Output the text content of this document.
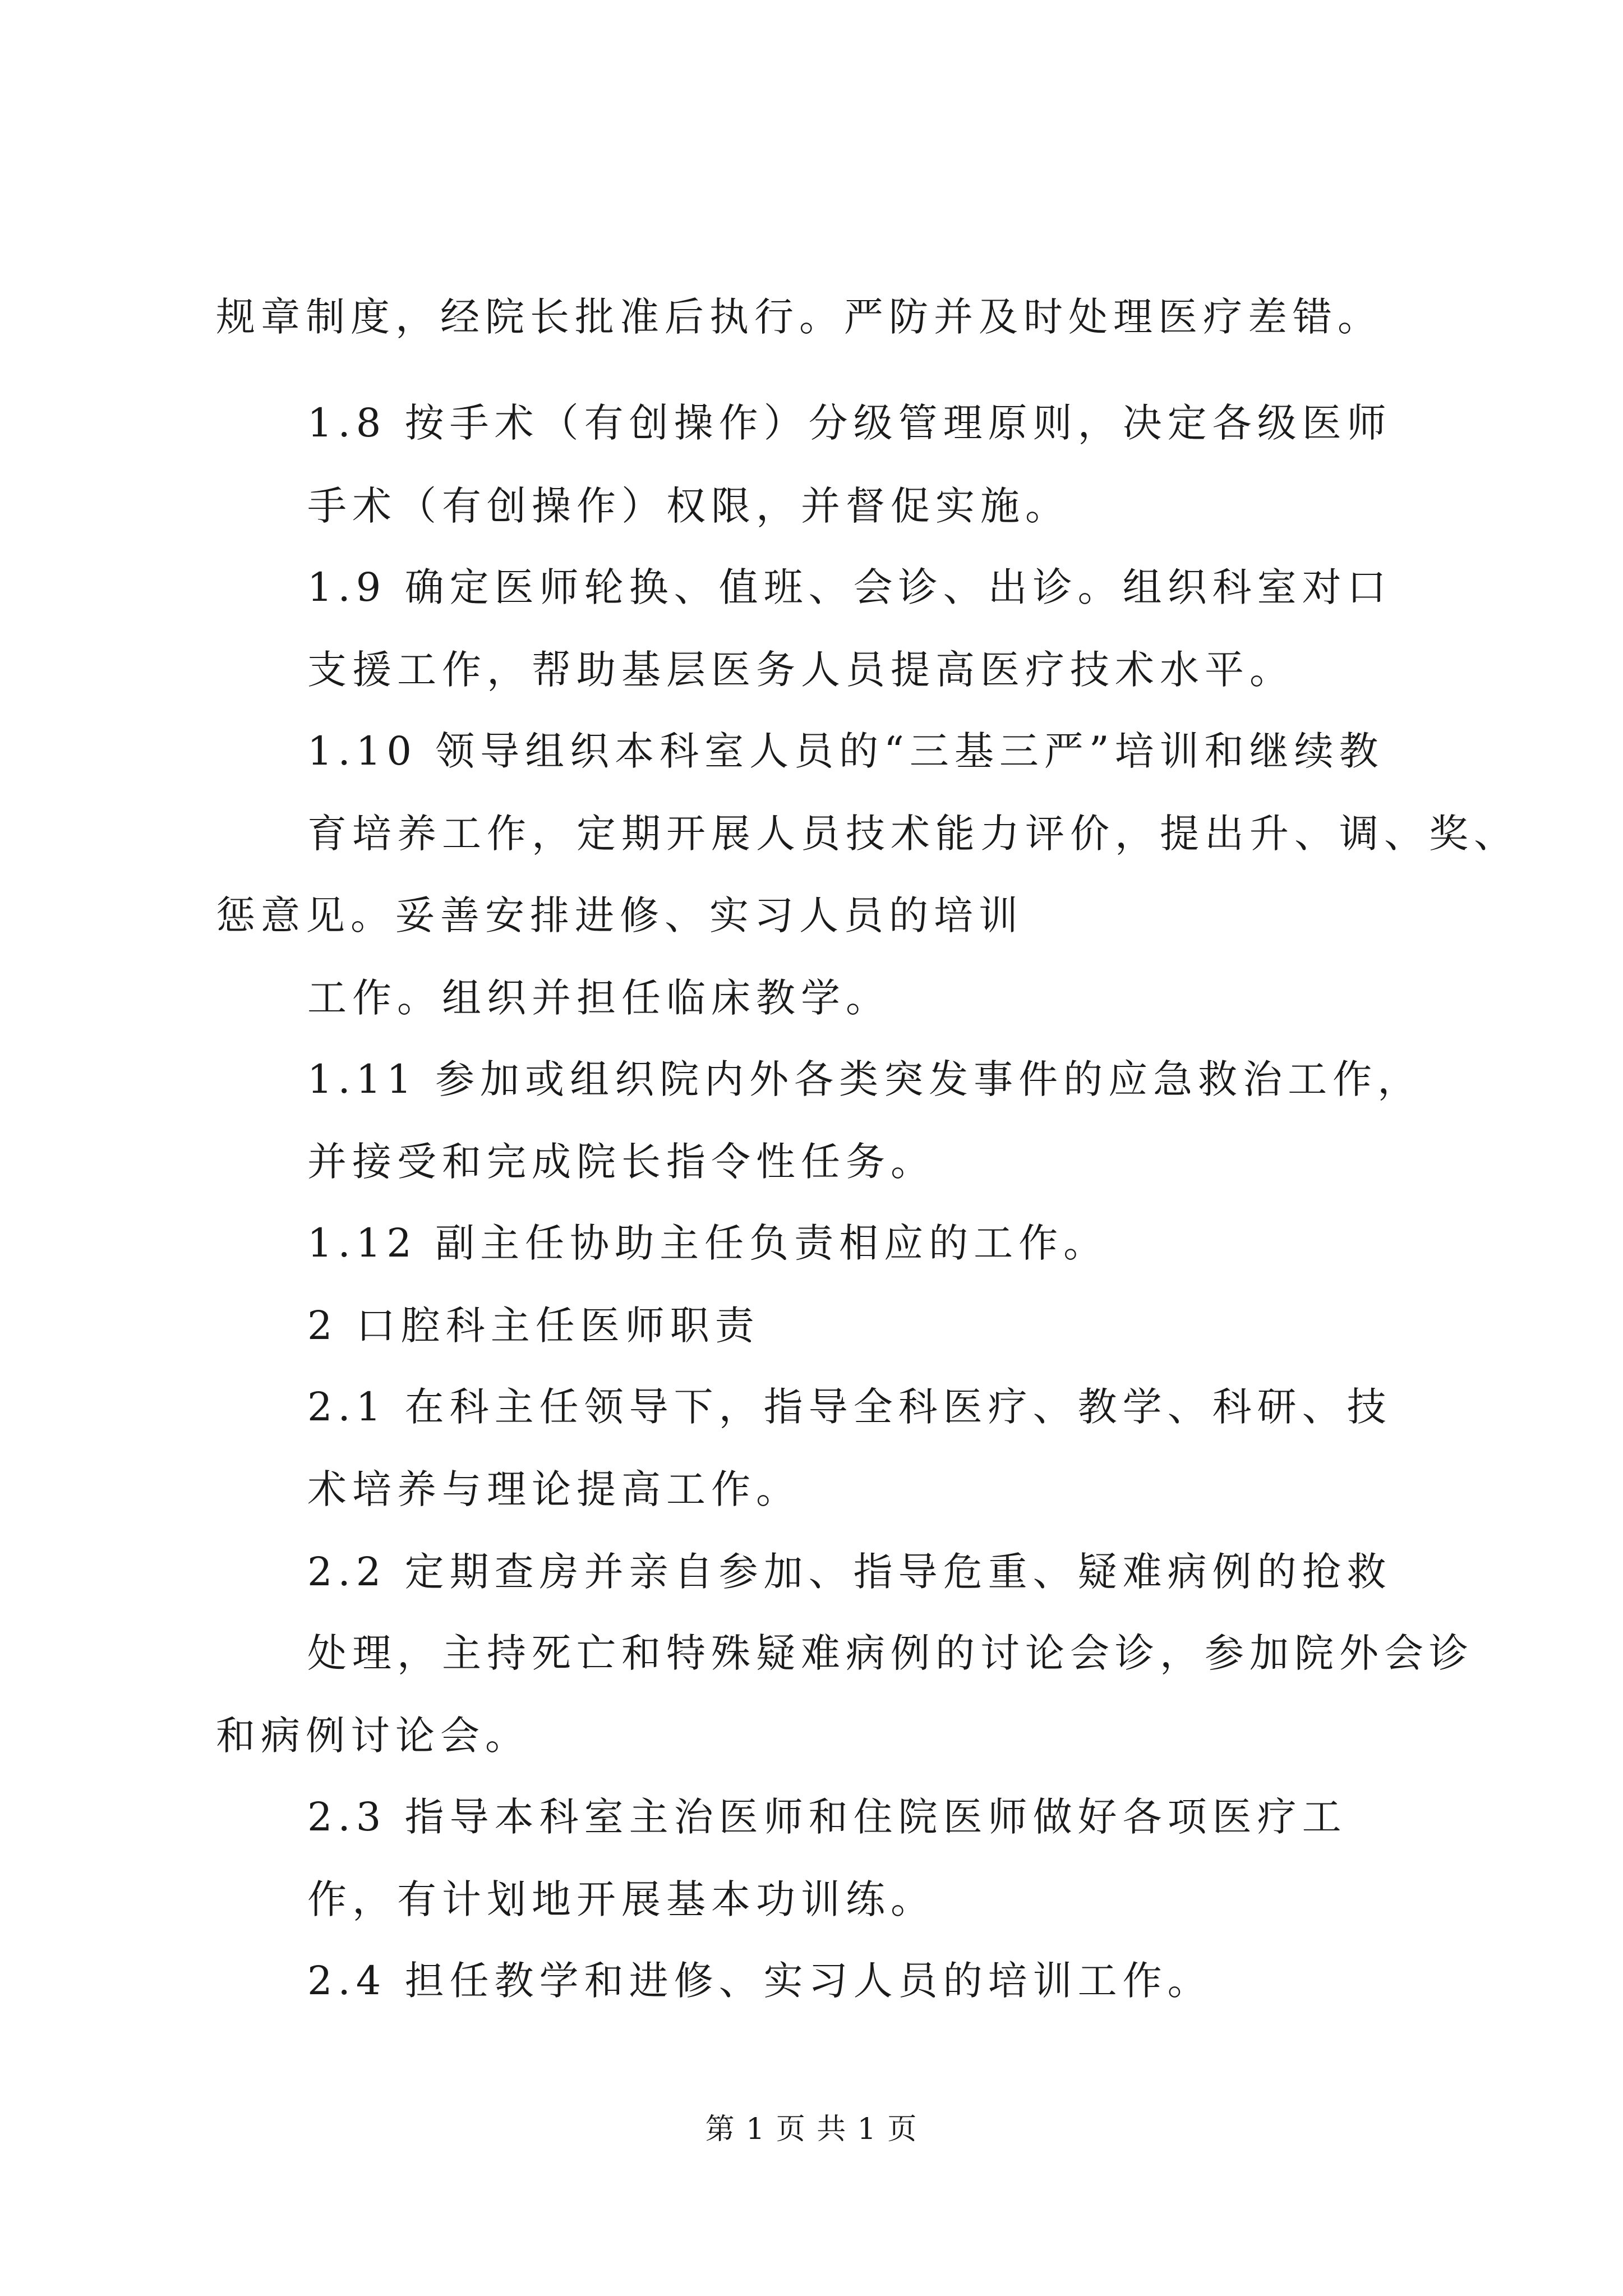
规章制度，经院长批准后执行。严防并及时处理医疗差错。
1.8 按手术（有创操作）分级管理原则，决定各级医师
手术（有创操作）权限，并督促实施。
1.9 确定医师轮换、值班、会诊、出诊。组织科室对口
支援工作，帮助基层医务人员提高医疗技术水平。
1.10 领导组织本科室人员的“三基三严”培训和继续教
育培养工作，定期开展人员技术能力评价，提出升、调、奖、
惩意见。妥善安排进修、实习人员的培训
工作。组织并担任临床教学。
1.11 参加或组织院内外各类突发事件的应急救治工作，
并接受和完成院长指令性任务。
1.12 副主任协助主任负责相应的工作。
2 口腔科主任医师职责
2.1 在科主任领导下，指导全科医疗、教学、科研、技
术培养与理论提高工作。
2.2 定期查房并亲自参加、指导危重、疑难病例的抢救
处理，主持死亡和特殊疑难病例的讨论会诊，参加院外会诊
和病例讨论会。
2.3 指导本科室主治医师和住院医师做好各项医疗工
作，有计划地开展基本功训练。
2.4 担任教学和进修、实习人员的培训工作。
第 1 页 共 1 页
